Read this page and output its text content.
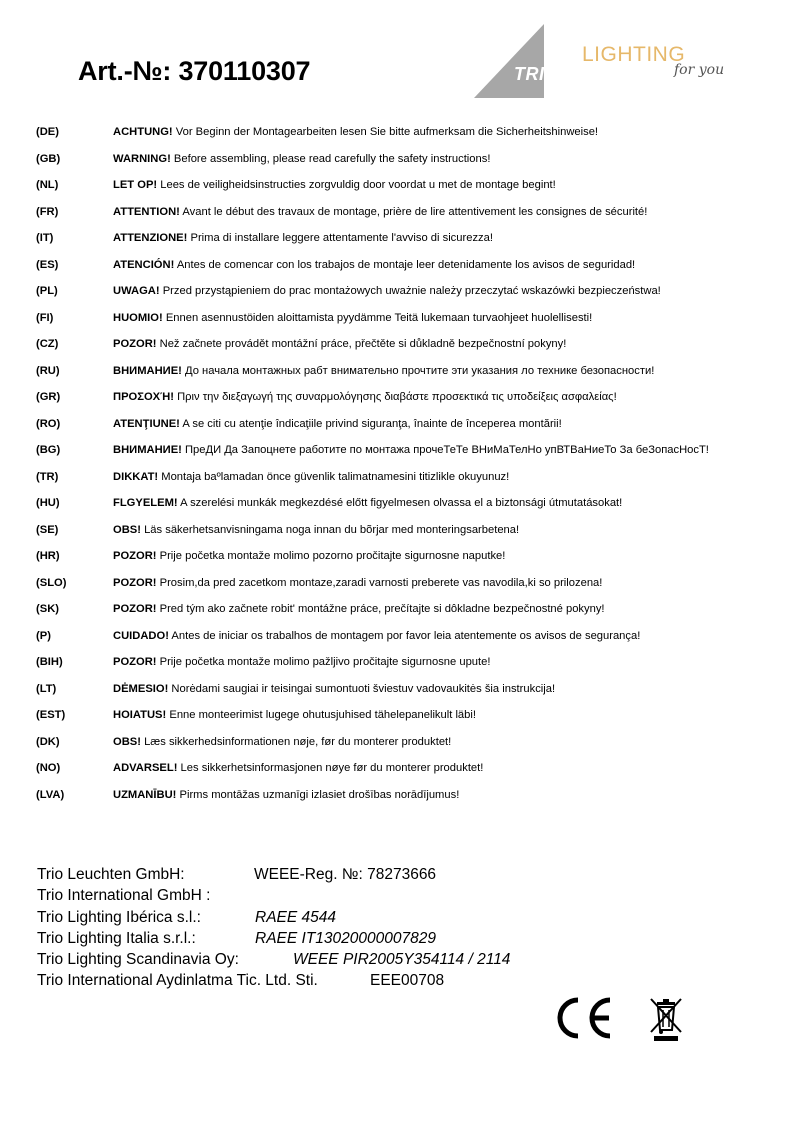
Art.-№: 370110307	TRIO
LIGHTING
for you
(DE)	ACHTUNG! Vor Beginn der Montagearbeiten lesen Sie bitte aufmerksam die Sicherheitshinweise!
(GB)	WARNING! Before assembling, please read carefully the safety instructions!
(NL)	LET OP! Lees de veiligheidsinstructies zorgvuldig door voordat u met de montage begint!
(FR)	ATTENTION! Avant le début des travaux de montage, prière de lire attentivement les consignes de sécurité!
(IT)	ATTENZIONE! Prima di installare leggere attentamente l'avviso di sicurezza!
(ES)	ATENCIÓN! Antes de comencar con los trabajos de montaje leer detenidamente los avisos de seguridad!
(PL)	UWAGA! Przed przystąpieniem do prac montażowych uważnie należy przeczytać wskazówki bezpieczeństwa!
(FI)	HUOMIO! Ennen asennustöiden aloittamista pyydämme Teitä lukemaan turvaohjeet huolellisesti!
(CZ)	POZOR! Než začnete provádět montážní práce, přečtěte si důkladně bezpečnostní pokyny!
(RU)	ВНИМАНИЕ! До начала монтажных рабт внимательно прочтите эти указания ло технике безопасности!
(GR)	ΠΡΟΣΟΧΉ! Πριν την διεξαγωγή της συναρμολόγησης διαβάστε προσεκτικά τις υποδείξεις ασφαλείας!
(RO)	ATENŢIUNE! A se citi cu atenţie îndicaţiile privind siguranţa, înainte de începerea montării!
(BG)	ВНИМАНИЕ! ПреДИ Да Запоцнете работите по монтажа прочеТеТе ВНиМаТелНо упВТВаНиеТо За беЗопасНосТ!
(TR)	DIKKAT! Montaja baºlamadan önce güvenlik talimatnamesini titizlikle okuyunuz!
(HU)	FLGYELEM! A szerelési munkák megkezdésé előtt figyelmesen olvassa el a biztonsági útmutatásokat!
(SE)	OBS! Läs säkerhetsanvisningama noga innan du bõrjar med monteringsarbetena!
(HR)	POZOR! Prije početka montaže molimo pozorno pročitajte sigurnosne naputke!
(SLO)	POZOR! Prosim,da pred zacetkom montaze,zaradi varnosti preberete vas navodila,ki so prilozena!
(SK)	POZOR! Pred tým ako začnete robit' montážne práce, prečítajte si dôkladne bezpečnostné pokyny!
(P)	CUIDADO! Antes de iniciar os trabalhos de montagem por favor leia atentemente os avisos de segurança!
(BIH)	POZOR! Prije početka montaže molimo pažljivo pročitajte sigurnosne upute!
(LT)	DĖMESIO! Norėdami saugiai ir teisingai sumontuoti šviestuv vadovaukitės šia instrukcija!
(EST)	HOIATUS! Enne monteerimist lugege ohutusjuhised tähelepanelikult läbi!
(DK)	OBS! Læs sikkerhedsinformationen nøje, før du monterer produktet!
(NO)	ADVARSEL! Les sikkerhetsinformasjonen nøye før du monterer produktet!
(LVA)	UZMANĪBU! Pirms montāžas uzmanīgi izlasiet drošības norādījumus!
Trio Leuchten GmbH:	WEEE-Reg. №: 78273666
Trio International GmbH :
Trio Lighting Ibérica s.l.:	RAEE 4544
Trio Lighting Italia s.r.l.:	RAEE IT13020000007829
Trio Lighting Scandinavia Oy:	WEEE PIR2005Y354114 / 2114
Trio International Aydinlatma Tic. Ltd. Sti.	EEE00708
